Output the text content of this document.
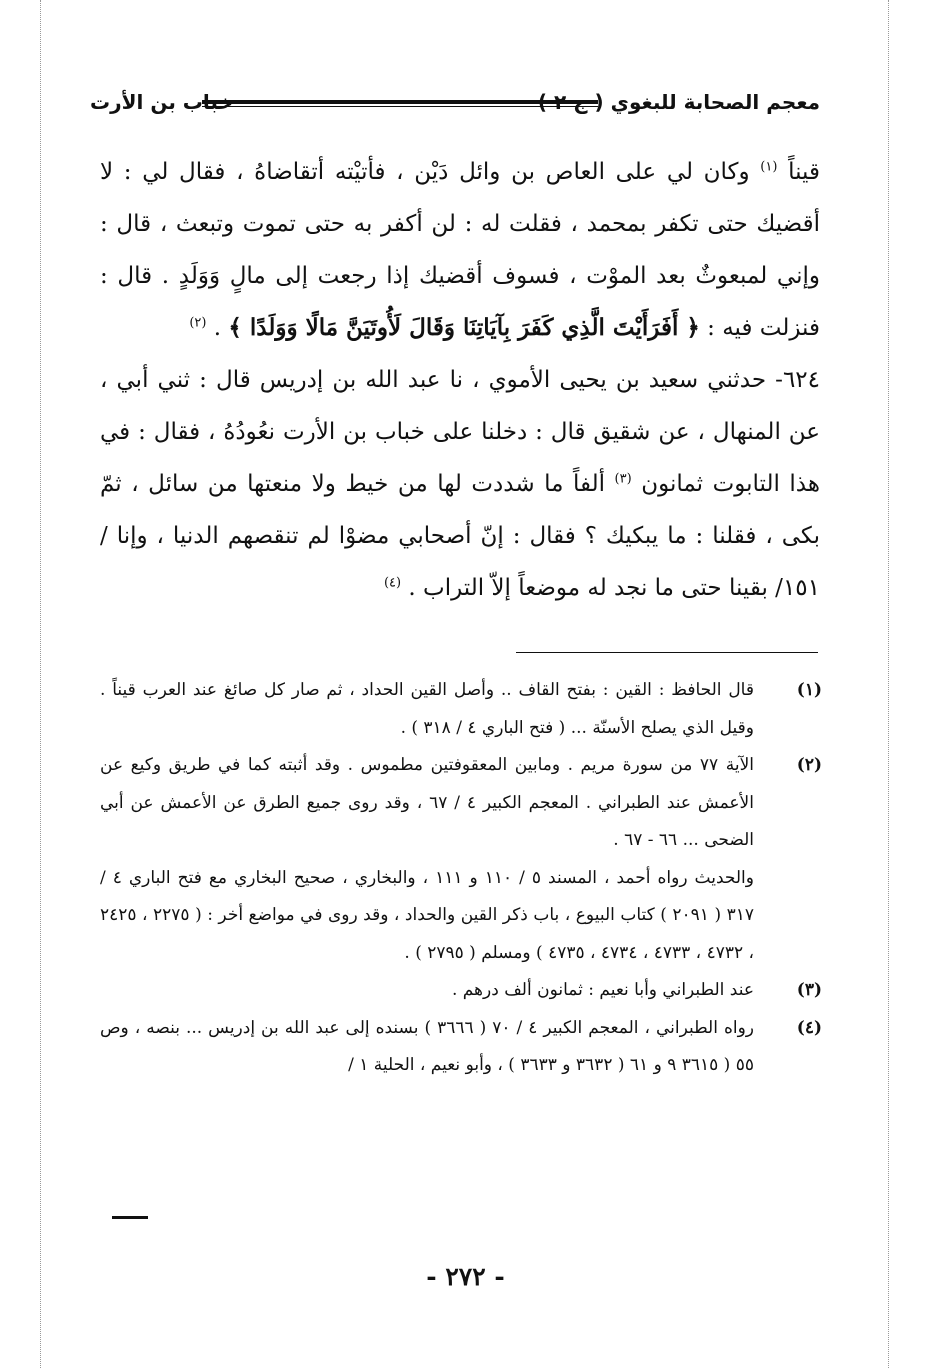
معجم الصحابة للبغوي ( ج ٢ )
خباب بن الأرت

قيناً $^{(١)}$ وكان لي على العاص بن وائل دَيْن ، فأتيْته أتقاضاهُ ، فقال لي : لا أقضيك حتى تكفر بمحمد ، فقلت له : لن أكفر به حتى تموت وتبعث ، قال : وإني لمبعوثٌ بعد الموْت ، فسوف أقضيك إذا رجعت إلى مالٍ وَوَلَدٍ . قال : فنزلت فيه : ﴿ أَفَرَأَيْتَ الَّذِي كَفَرَ بِآيَاتِنَا وَقَالَ لَأُوتَيَنَّ مَالًا وَوَلَدًا ﴾ . $^{(٢)}$

٦٢٤- حدثني سعيد بن يحيى الأموي ، نا عبد الله بن إدريس قال : ثني أبي ، عن المنهال ، عن شقيق قال : دخلنا على خباب بن الأرت نعُودُهُ ، فقال : في هذا التابوت ثمانون $^{(٣)}$ ألفاً ما شددت لها من خيط ولا منعتها من سائل ، ثمّ بكى ، فقلنا : ما يبكيك ؟ فقال : إنّ أصحابي مضوْا لم تنقصهم الدنيا ، وإنا /١٥١/ بقينا حتى ما نجد له موضعاً إلاّ التراب . $^{(٤)}$

(١)

قال الحافظ : القين : بفتح القاف .. وأصل القين الحداد ، ثم صار كل صائغ عند العرب قيناً . وقيل الذي يصلح الأسنّة ... ( فتح الباري ٤ / ٣١٨ ) .

(٢)

الآية ٧٧ من سورة مريم . ومابين المعقوفتين مطموس . وقد أثبته كما في طريق وكيع عن الأعمش عند الطبراني . المعجم الكبير ٤ / ٦٧ ، وقد روى جميع الطرق عن الأعمش عن أبي الضحى ... ٦٦ - ٦٧ .

والحديث رواه أحمد ، المسند ٥ / ١١٠ و ١١١ ، والبخاري ، صحيح البخاري مع فتح الباري ٤ / ٣١٧ ( ٢٠٩١ ) كتاب البيوع ، باب ذكر القين والحداد ، وقد روى في مواضع أخر : ( ٢٢٧٥ ، ٢٤٢٥ ، ٤٧٣٢ ، ٤٧٣٣ ، ٤٧٣٤ ، ٤٧٣٥ ) ومسلم ( ٢٧٩٥ ) .

(٣)

عند الطبراني وأبا نعيم : ثمانون ألف درهم .

(٤)

رواه الطبراني ، المعجم الكبير ٤ / ٧٠ ( ٣٦٦٦ ) بسنده إلى عبد الله بن إدريس ... بنصه ، وص ٥٥ ( ٣٦١٥ ٩ و ٦١ ( ٣٦٣٢ و ٣٦٣٣ ) ، وأبو نعيم ، الحلية ١ /

- ٢٧٢ -
